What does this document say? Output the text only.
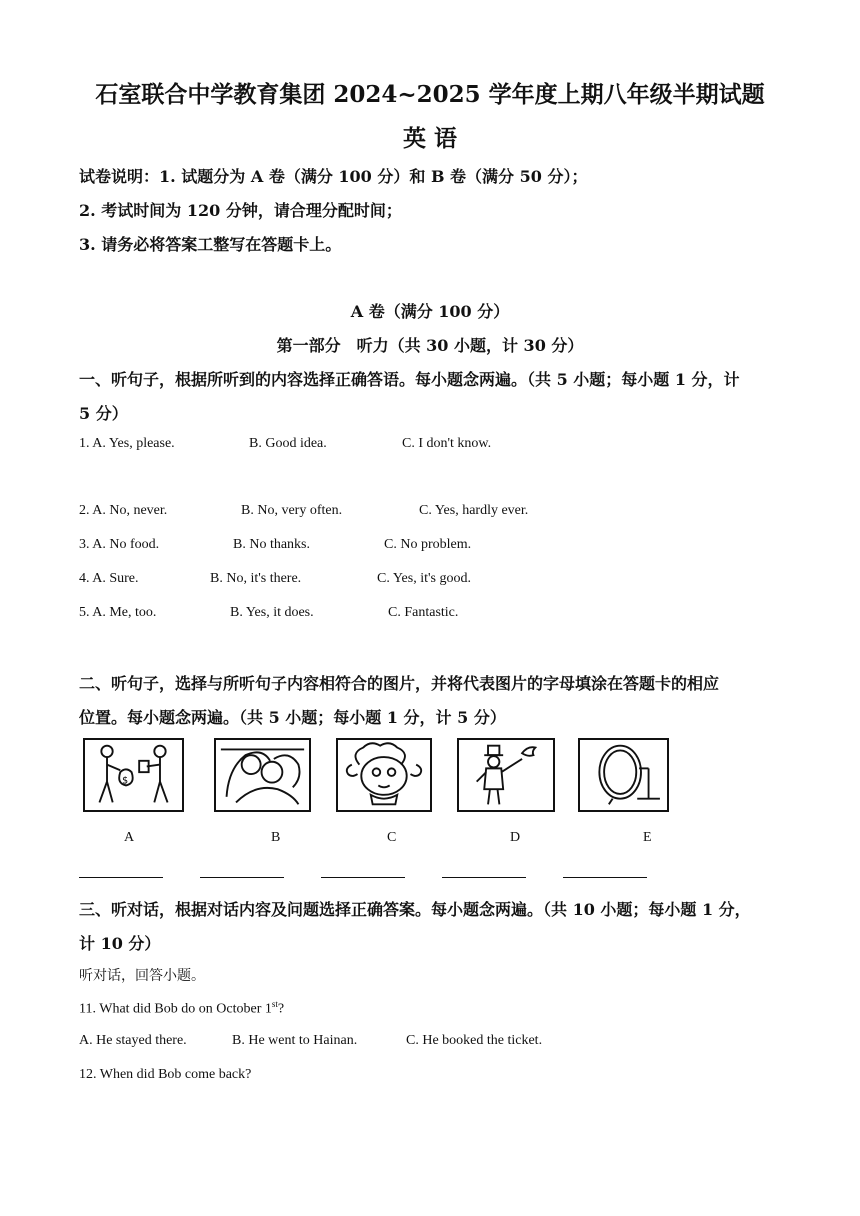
石室联合中学教育集团 2024~2025 学年度上期八年级半期试题
英 语
试卷说明：1. 试题分为 A 卷（满分 100 分）和 B 卷（满分 50 分）；
2. 考试时间为 120 分钟，请合理分配时间；
3. 请务必将答案工整写在答题卡上。
A 卷（满分 100 分）
第一部分　听力（共 30 小题，计 30 分）
一、听句子，根据所听到的内容选择正确答语。每小题念两遍。（共 5 小题；每小题 1 分，计
5 分）
1. A. Yes, please.	B. Good idea.	C. I don't know.
2. A. No, never.	B. No, very often.	C. Yes, hardly ever.
3. A. No food.	B. No thanks.	C. No problem.
4. A. Sure.	B. No, it's there.	C. Yes, it's good.
5. A. Me, too.	B. Yes, it does.	C. Fantastic.
二、听句子，选择与所听句子内容相符合的图片，并将代表图片的字母填涂在答题卡的相应
位置。每小题念两遍。（共 5 小题；每小题 1 分，计 5 分）
$
A	B	C	D	E
三、听对话，根据对话内容及问题选择正确答案。每小题念两遍。（共 10 小题；每小题 1 分，
计 10 分）
听对话，回答小题。
11. What did Bob do on October 1st?
A. He stayed there.	B. He went to Hainan.	C. He booked the ticket.
12. When did Bob come back?
